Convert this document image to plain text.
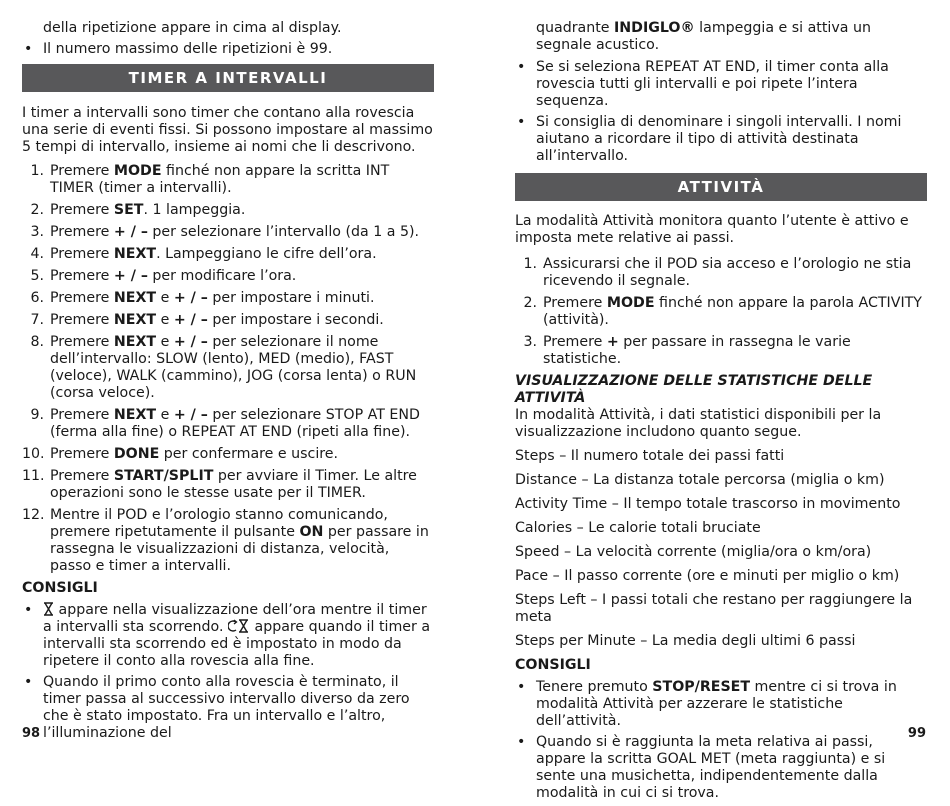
della ripetizione appare in cima al display.

• Il numero massimo delle ripetizioni è 99.
TIMER A INTERVALLI

I timer a intervalli sono timer che contano alla rovescia una serie di eventi fissi. Si possono impostare al massimo 5 tempi di intervallo, insieme ai nomi che li descrivono.

1. Premere MODE finché non appare la scritta INT TIMER (timer a intervalli).
2. Premere SET. 1 lampeggia.
3. Premere + / – per selezionare l’intervallo (da 1 a 5).
4. Premere NEXT. Lampeggiano le cifre dell’ora.
5. Premere + / – per modificare l’ora.
6. Premere NEXT e + / – per impostare i minuti.
7. Premere NEXT e + / – per impostare i secondi.
8. Premere NEXT e + / – per selezionare il nome dell’intervallo: SLOW (lento), MED (medio), FAST (veloce), WALK (cammino), JOG (corsa lenta) o RUN (corsa veloce).
9. Premere NEXT e + / – per selezionare STOP AT END (ferma alla fine) o REPEAT AT END (ripeti alla fine).
10. Premere DONE per confermare e uscire.
11. Premere START/SPLIT per avviare il Timer. Le altre operazioni sono le stesse usate per il TIMER.
12. Mentre il POD e l’orologio stanno comunicando, premere ripetutamente il pulsante ON per passare in rassegna le visualizzazioni di distanza, velocità, passo e timer a intervalli.

CONSIGLI

• appare nella visualizzazione dell’ora mentre il timer a intervalli sta scorrendo.  appare quando il timer a intervalli sta scorrendo ed è impostato in modo da ripetere il conto alla rovescia alla fine.
• Quando il primo conto alla rovescia è terminato, il timer passa al successivo intervallo diverso da zero che è stato impostato. Fra un intervallo e l’altro, l’illuminazione del
98

quadrante INDIGLO® lampeggia e si attiva un segnale acustico.

• Se si seleziona REPEAT AT END, il timer conta alla rovescia tutti gli intervalli e poi ripete l’intera sequenza.
• Si consiglia di denominare i singoli intervalli. I nomi aiutano a ricordare il tipo di attività destinata all’intervallo.
ATTIVITÀ

La modalità Attività monitora quanto l’utente è attivo e imposta mete relative ai passi.

1. Assicurarsi che il POD sia acceso e l’orologio ne stia ricevendo il segnale.
2. Premere MODE finché non appare la parola ACTIVITY (attività).
3. Premere + per passare in rassegna le varie statistiche.

VISUALIZZAZIONE DELLE STATISTICHE DELLE ATTIVITÀ

In modalità Attività, i dati statistici disponibili per la visualizzazione includono quanto segue.

Steps – Il numero totale dei passi fatti

Distance – La distanza totale percorsa (miglia o km)

Activity Time – Il tempo totale trascorso in movimento

Calories – Le calorie totali bruciate

Speed – La velocità corrente (miglia/ora o km/ora)

Pace – Il passo corrente (ore e minuti per miglio o km)

Steps Left – I passi totali che restano per raggiungere la meta

Steps per Minute – La media degli ultimi 6 passi

CONSIGLI

• Tenere premuto STOP/RESET mentre ci si trova in modalità Attività per azzerare le statistiche dell’attività.
• Quando si è raggiunta la meta relativa ai passi, appare la scritta GOAL MET (meta raggiunta) e si sente una musichetta, indipendentemente dalla modalità in cui ci si trova.
99
